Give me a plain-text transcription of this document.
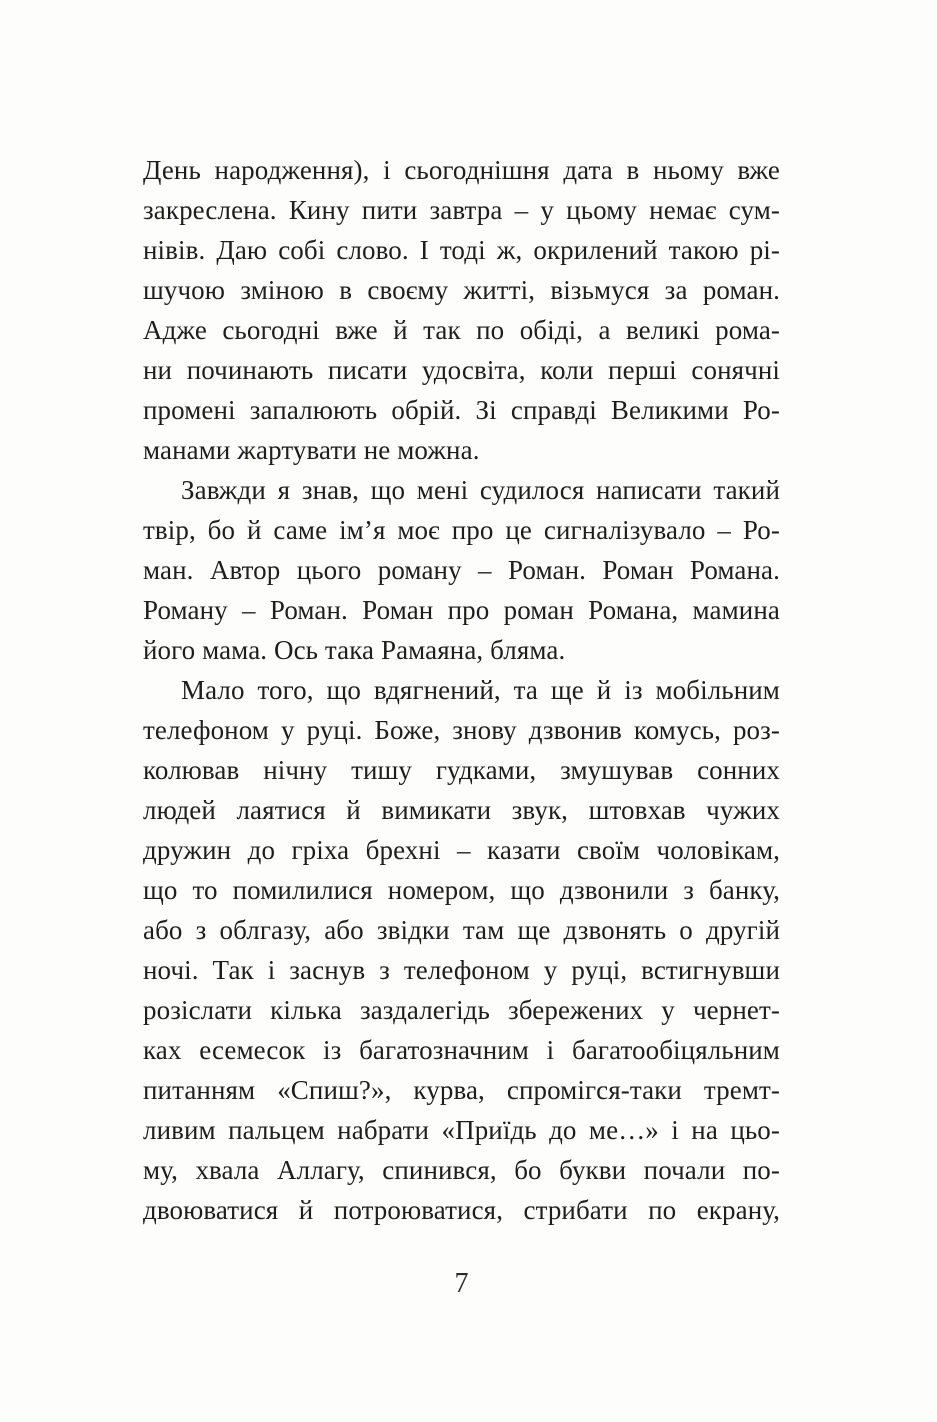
День народження), і сьогоднішня дата в ньому вже
закреслена. Кину пити завтра – у цьому немає сум-
нівів. Даю собі слово. І тоді ж, окрилений такою рі-
шучою зміною в своєму житті, візьмуся за роман.
Адже сьогодні вже й так по обіді, а великі рома-
ни починають писати удосвіта, коли перші сонячні
промені запалюють обрій. Зі справді Великими Ро-
манами жартувати не можна.
Завжди я знав, що мені судилося написати такий
твір, бо й саме ім’я моє про це сигналізувало – Ро-
ман. Автор цього роману – Роман. Роман Романа.
Роману – Роман. Роман про роман Романа, мамина
його мама. Ось така Рамаяна, бляма.
Мало того, що вдягнений, та ще й із мобільним
телефоном у руці. Боже, знову дзвонив комусь, роз-
колював нічну тишу гудками, змушував сонних
людей лаятися й вимикати звук, штовхав чужих
дружин до гріха брехні – казати своїм чоловікам,
що то помилилися номером, що дзвонили з банку,
або з облгазу, або звідки там ще дзвонять о другій
ночі. Так і заснув з телефоном у руці, встигнувши
розіслати кілька заздалегідь збережених у чернет-
ках есемесок із багатозначним і багатообіцяльним
питанням «Спиш?», курва, спромігся-таки тремт-
ливим пальцем набрати «Приїдь до ме…» і на цьо-
му, хвала Аллагу, спинився, бо букви почали по-
двоюватися й потроюватися, стрибати по екрану,
7
